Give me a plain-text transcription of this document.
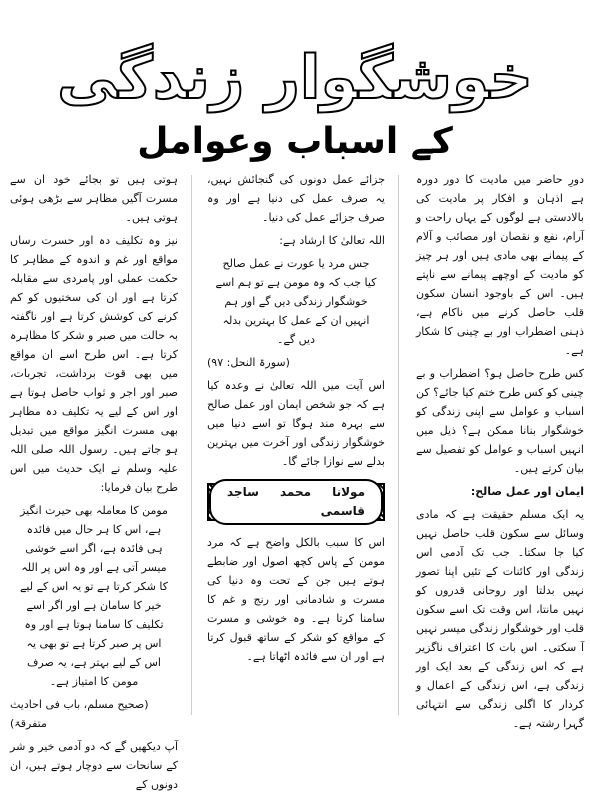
خوشگوار زندگی
کے اسباب وعوامل

دورِ حاضر میں مادیت کا دور دورہ ہے اذہان و افکار پر مادیت کی بالادستی ہے لوگوں کے یہاں راحت و آرام، نفع و نقصان اور مصائب و آلام کے پیمانے بھی مادی ہیں اور ہر چیز کو مادیت کے اوچھے پیمانے سے ناپتے ہیں۔ اس کے باوجود انسان سکون قلب حاصل کرنے میں ناکام ہے، ذہنی اضطراب اور بے چینی کا شکار ہے۔

کس طرح حاصل ہو؟ اضطراب و بے چینی کو کس طرح ختم کیا جائے؟ کن اسباب و عوامل سے اپنی زندگی کو خوشگوار بنانا ممکن ہے؟ ذیل میں انہیں اسباب و عوامل کو تفصیل سے بیان کرتے ہیں۔

ایمان اور عمل صالح:

یہ ایک مسلم حقیقت ہے کہ مادی وسائل سے سکون قلب حاصل نہیں کیا جا سکتا۔ جب تک آدمی اس زندگی اور کائنات کے تئیں اپنا تصور نہیں بدلتا اور روحانی قدروں کو نہیں مانتا، اس وقت تک اسے سکون قلب اور خوشگوار زندگی میسر نہیں آ سکتی۔ اس بات کا اعتراف ناگزیر ہے کہ اس زندگی کے بعد ایک اور زندگی ہے، اس زندگی کے اعمال و کردار کا اگلی زندگی سے انتہائی گہرا رشتہ ہے۔

جزائے عمل دونوں کی گنجائش نہیں، یہ صرف عمل کی دنیا ہے اور وہ صرف جزائے عمل کی دنیا۔

اللہ تعالیٰ کا ارشاد ہے:

جس مرد یا عورت نے عمل صالح کیا جب کہ وہ مومن ہے تو ہم اسے خوشگوار زندگی دیں گے اور ہم انہیں ان کے عمل کا بہترین بدلہ دیں گے۔

(سورۃ النحل: ۹۷)

اس آیت میں اللہ تعالیٰ نے وعدہ کیا ہے کہ جو شخص ایمان اور عمل صالح سے بہرہ مند ہوگا تو اسے دنیا میں خوشگوار زندگی اور آخرت میں بہترین بدلے سے نوازا جائے گا۔

مولانا محمد ساجد قاسمی

اس کا سبب بالکل واضح ہے کہ مرد مومن کے پاس کچھ اصول اور ضابطے ہوتے ہیں جن کے تحت وہ دنیا کی مسرت و شادمانی اور رنج و غم کا سامنا کرتا ہے۔ وہ خوشی و مسرت کے مواقع کو شکر کے ساتھ قبول کرتا ہے اور ان سے فائدہ اٹھاتا ہے۔

ہوتی ہیں تو بجائے خود ان سے مسرت آگیں مظاہر سے بڑھی ہوئی ہوتی ہیں۔

نیز وہ تکلیف دہ اور حسرت رساں مواقع اور غم و اندوہ کے مظاہر کا حکمت عملی اور پامردی سے مقابلہ کرتا ہے اور ان کی سختیوں کو کم کرنے کی کوشش کرتا ہے اور ناگفتہ بہ حالت میں صبر و شکر کا مظاہرہ کرتا ہے۔ اس طرح اسے ان مواقع میں بھی قوت برداشت، تجربات، صبر اور اجر و ثواب حاصل ہوتا ہے اور اس کے لیے یہ تکلیف دہ مظاہر بھی مسرت انگیز مواقع میں تبدیل ہو جاتے ہیں۔ رسول اللہ صلی اللہ علیہ وسلم نے ایک حدیث میں اس طرح بیان فرمایا:

مومن کا معاملہ بھی حیرت انگیز ہے، اس کا ہر حال میں فائدہ ہی فائدہ ہے، اگر اسے خوشی میسر آتی ہے اور وہ اس پر اللہ کا شکر کرتا ہے تو یہ اس کے لیے خیر کا سامان ہے اور اگر اسے تکلیف کا سامنا ہوتا ہے اور وہ اس پر صبر کرتا ہے تو بھی یہ اس کے لیے بہتر ہے، یہ صرف مومن کا امتیاز ہے۔

(صحیح مسلم، باب فی احادیث متفرقۃ)

آپ دیکھیں گے کہ دو آدمی خیر و شر کے سانحات سے دوچار ہوتے ہیں، ان دونوں کے
